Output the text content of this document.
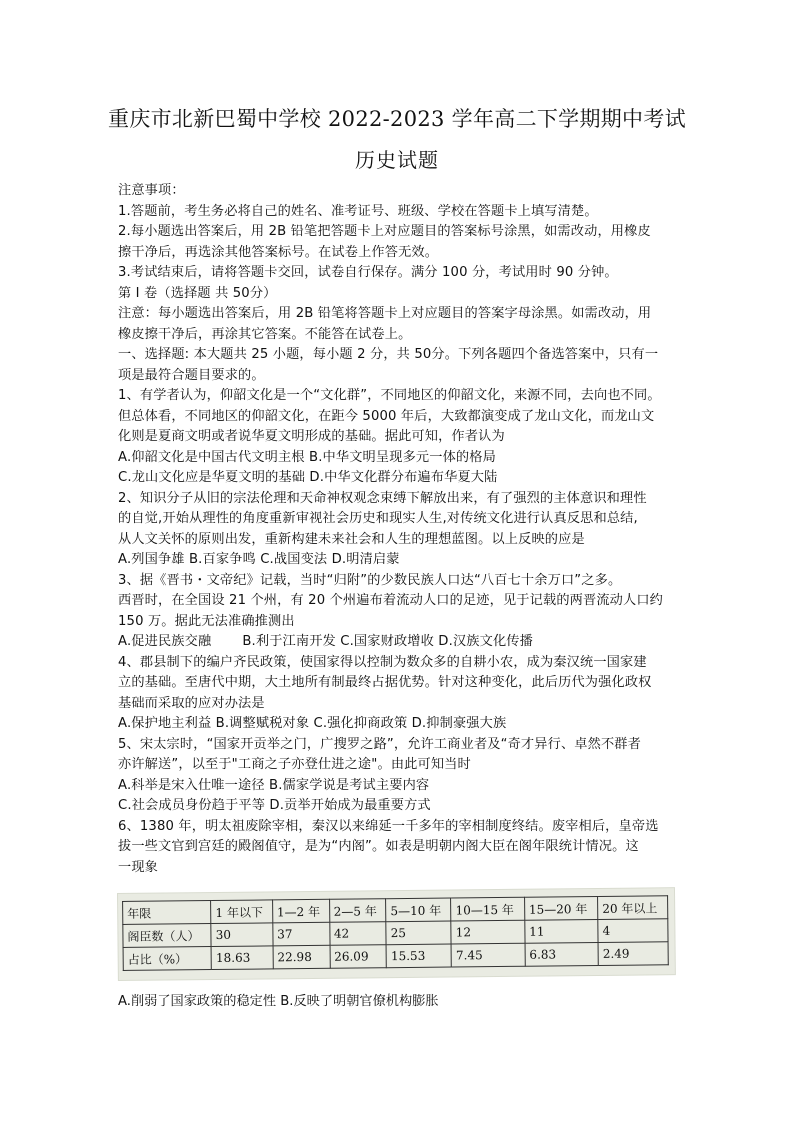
重庆市北新巴蜀中学校 2022-2023 学年高二下学期期中考试
历史试题

注意事项：

1.答题前，考生务必将自己的姓名、准考证号、班级、学校在答题卡上填写清楚。

2.每小题选出答案后，用 2B 铅笔把答题卡上对应题目的答案标号涂黑，如需改动，用橡皮

擦干净后，再选涂其他答案标号。在试卷上作答无效。

3.考试结束后，请将答题卡交回，试卷自行保存。满分 100 分，考试用时 90 分钟。

第 I 卷（选择题 共 50分）

注意：每小题选出答案后，用 2B 铅笔将答题卡上对应题目的答案字母涂黑。如需改动，用

橡皮擦干净后，再涂其它答案。不能答在试卷上。

一、选择题: 本大题共 25 小题，每小题 2 分，共 50分。下列各题四个备选答案中，只有一

项是最符合题目要求的。

1、有学者认为，仰韶文化是一个“文化群”，不同地区的仰韶文化，来源不同，去向也不同。

但总体看，不同地区的仰韶文化，在距今 5000 年后，大致都演变成了龙山文化，而龙山文

化则是夏商文明或者说华夏文明形成的基础。据此可知，作者认为

A.仰韶文化是中国古代文明主根 B.中华文明呈现多元一体的格局

C.龙山文化应是华夏文明的基础 D.中华文化群分布遍布华夏大陆

2、知识分子从旧的宗法伦理和天命神权观念束缚下解放出来，有了强烈的主体意识和理性

的自觉,开始从理性的角度重新审视社会历史和现实人生,对传统文化进行认真反思和总结,

从人文关怀的原则出发，重新构建未来社会和人生的理想蓝图。以上反映的应是

A.列国争雄 B.百家争鸣 C.战国变法 D.明清启蒙

3、据《晋书・文帝纪》记载，当时“归附”的少数民族人口达“八百七十余万口”之多。

西晋时，在全国设 21 个州，有 20 个州遍布着流动人口的足迹，见于记载的两晋流动人口约

150 万。据此无法准确推测出

A.促进民族交融　　 B.利于江南开发 C.国家财政增收 D.汉族文化传播

4、郡县制下的编户齐民政策，使国家得以控制为数众多的自耕小农，成为秦汉统一国家建

立的基础。至唐代中期，大土地所有制最终占据优势。针对这种变化，此后历代为强化政权

基础而采取的应对办法是

A.保护地主利益 B.调整赋税对象 C.强化抑商政策 D.抑制豪强大族

5、宋太宗时，“国家开贡举之门，广搜罗之路”，允许工商业者及“奇才异行、卓然不群者

亦许解送”，以至于"工商之子亦登仕进之途"。由此可知当时

A.科举是宋入仕唯一途径 B.儒家学说是考试主要内容

C.社会成员身份趋于平等 D.贡举开始成为最重要方式

6、1380 年，明太祖废除宰相，秦汉以来绵延一千多年的宰相制度终结。废宰相后，皇帝选

拔一些文官到宫廷的殿阁值守，是为“内阁”。如表是明朝内阁大臣在阁年限统计情况。这

一现象

年限	1 年以下	1—2 年	2—5 年	5—10 年	10—15 年	15—20 年	20 年以上
阁臣数（人）	30	37	42	25	12	11	4
占比（%）	18.63	22.98	26.09	15.53	7.45	6.83	2.49

A.削弱了国家政策的稳定性 B.反映了明朝官僚机构膨胀
